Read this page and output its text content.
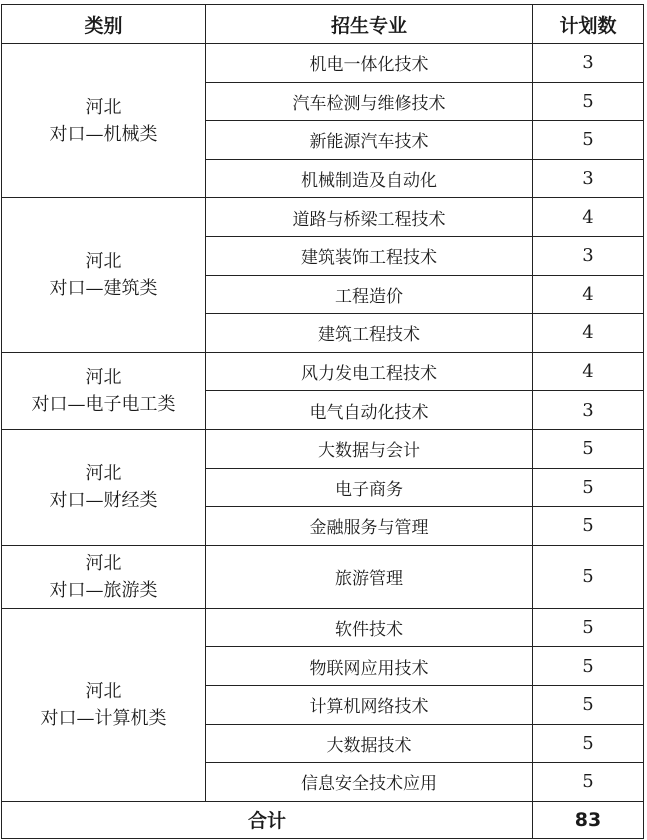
类别	招生专业	计划数

河北
对口—机械类	机电一体化技术	3
	汽车检测与维修技术	5
	新能源汽车技术	5
	机械制造及自动化	3

河北
对口—建筑类	道路与桥梁工程技术	4
	建筑装饰工程技术	3
	工程造价	4
	建筑工程技术	4

河北
对口—电子电工类	风力发电工程技术	4
	电气自动化技术	3

河北
对口—财经类	大数据与会计	5
	电子商务	5
	金融服务与管理	5

河北
对口—旅游类	旅游管理	5

河北
对口—计算机类	软件技术	5
	物联网应用技术	5
	计算机网络技术	5
	大数据技术	5
	信息安全技术应用	5
合计		83
